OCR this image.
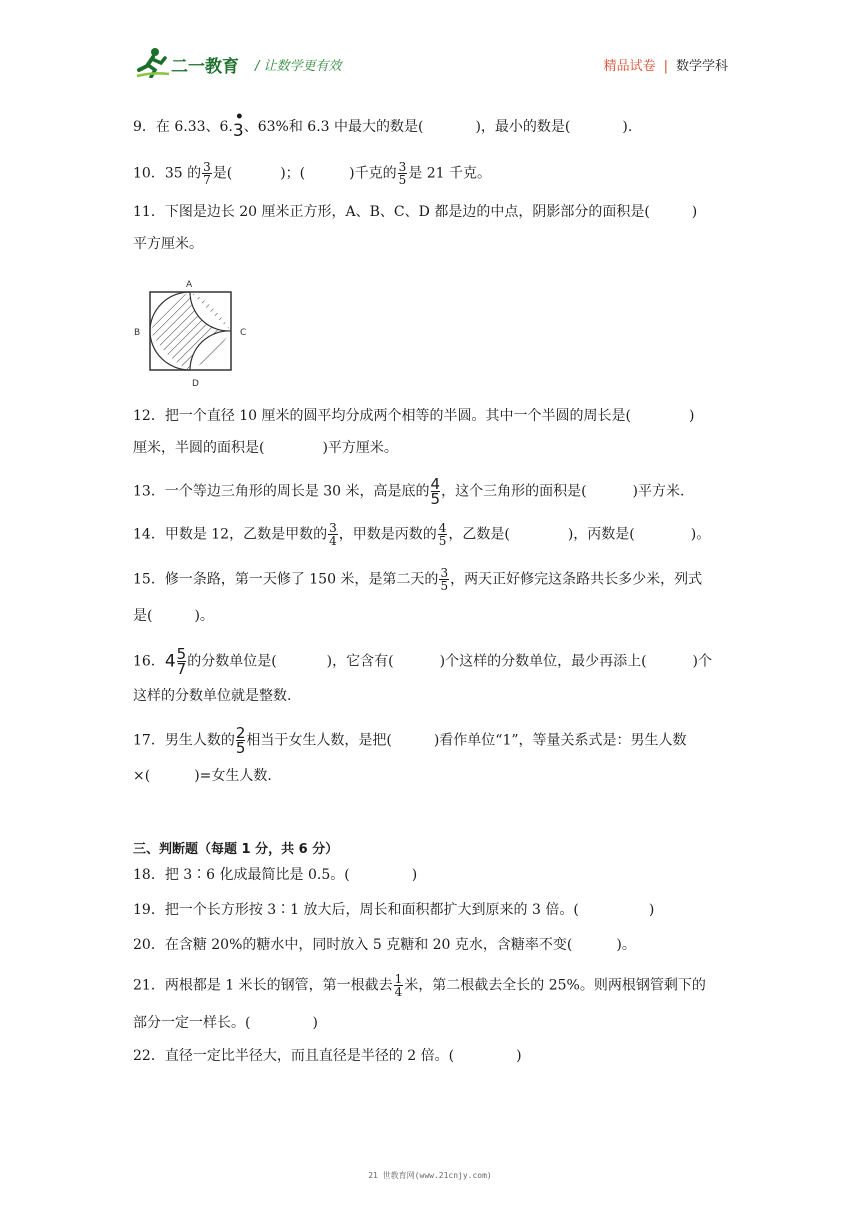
二一教育 / 让数学更有效	精品试卷 | 数学学科
9．在 6.33、6.
•
3、63%和 6.3 中最大的数是(	)，最小的数是(	).
10．35 的 $\frac{3}{7}$ 是(	)；(	)千克的 $\frac{3}{5}$ 是 21 千克。
11．下图是边长 20 厘米正方形，A、B、C、D 都是边的中点，阴影部分的面积是(	)
平方厘米。
A
B	C
D
12．把一个直径 10 厘米的圆平均分成两个相等的半圆。其中一个半圆的周长是(	)
厘米，半圆的面积是(	)平方厘米。
13．一个等边三角形的周长是 30 米，高是底的 $\frac{4}{5}$ ，这个三角形的面积是(	)平方米.
14．甲数是 12，乙数是甲数的 $\frac{3}{4}$ ，甲数是丙数的 $\frac{4}{5}$ ，乙数是(	)，丙数是(	)。
15．修一条路，第一天修了 150 米，是第二天的 $\frac{3}{5}$ ，两天正好修完这条路共长多少米，列式
是(	)。
16．$4 \frac{5}{7}$ 的分数单位是(	)，它含有(	)个这样的分数单位，最少再添上(	)个
这样的分数单位就是整数.
17．男生人数的 $\frac{2}{5}$ 相当于女生人数，是把(	)看作单位“1”，等量关系式是：男生人数
×(	)=女生人数.
三、判断题（每题 1 分，共 6 分）
18．把 3∶6 化成最简比是 0.5。(	)
19．把一个长方形按 3∶1 放大后，周长和面积都扩大到原来的 3 倍。(	)
20．在含糖 20%的糖水中，同时放入 5 克糖和 20 克水，含糖率不变(	)。
21．两根都是 1 米长的钢管，第一根截去 $\frac{1}{4}$ 米，第二根截去全长的 25%。则两根钢管剩下的
部分一定一样长。(	)
22．直径一定比半径大，而且直径是半径的 2 倍。(	)
21 世教育网(www.21cnjy.com)
